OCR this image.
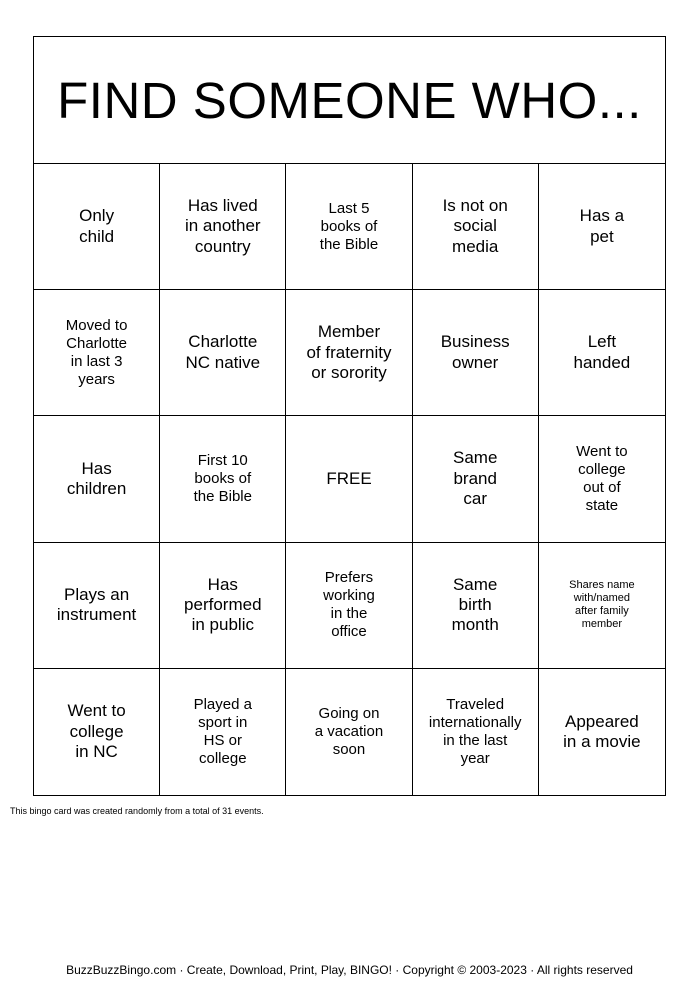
FIND SOMEONE WHO...
Only
child
Has lived
in another
country
Last 5
books of
the Bible
Is not on
social
media
Has a
pet
Moved to
Charlotte
in last 3
years
Charlotte
NC native
Member
of fraternity
or sorority
Business
owner
Left
handed
Has
children
First 10
books of
the Bible
FREE
Same
brand
car
Went to
college
out of
state
Plays an
instrument
Has
performed
in public
Prefers
working
in the
office
Same
birth
month
Shares name
with/named
after family
member
Went to
college
in NC
Played a
sport in
HS or
college
Going on
a vacation
soon
Traveled
internationally
in the last
year
Appeared
in a movie
This bingo card was created randomly from a total of 31 events.
BuzzBuzzBingo.com · Create, Download, Print, Play, BINGO! · Copyright © 2003-2023 · All rights reserved
